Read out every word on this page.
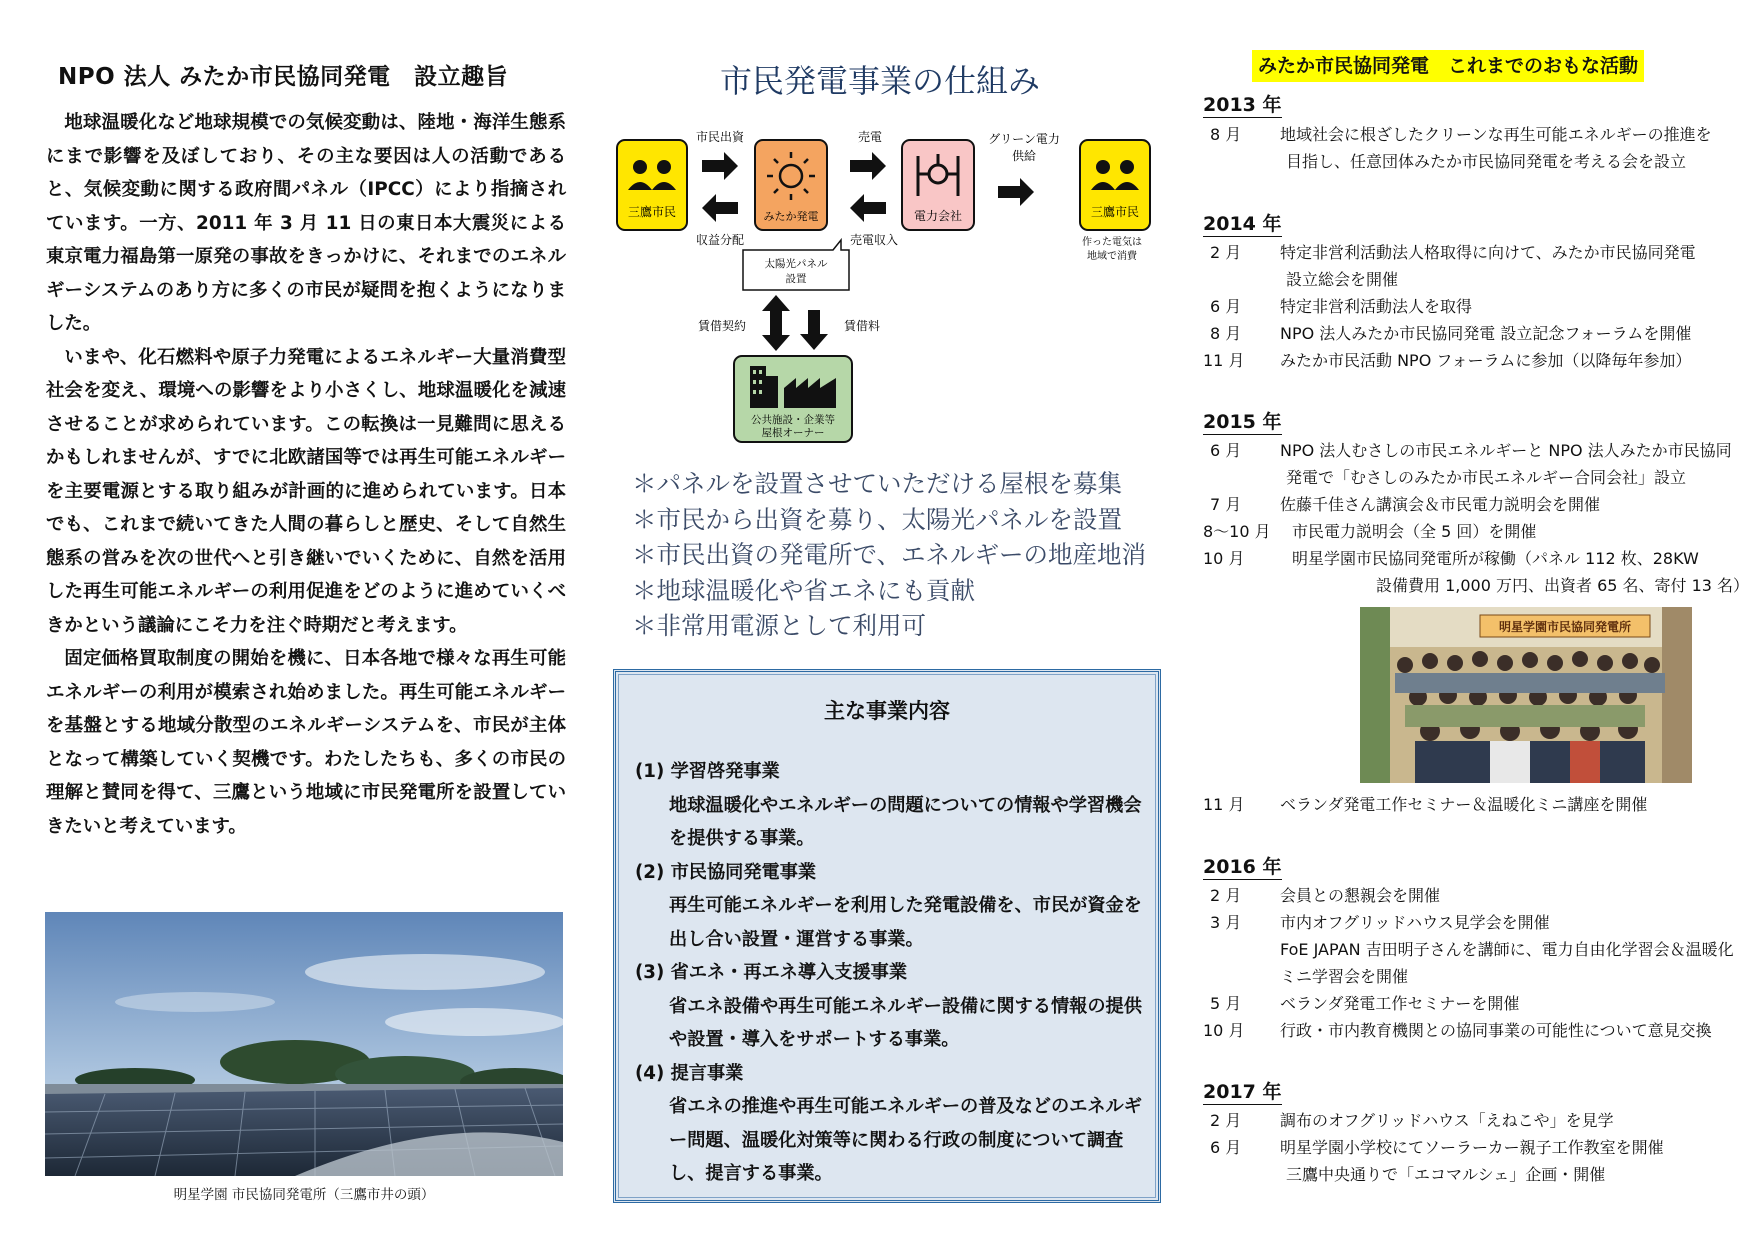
NPO 法人 みたか市民協同発電　設立趣旨

地球温暖化など地球規模での気候変動は、陸地・海洋生態系にまで影響を及ぼしており、その主な要因は人の活動であると、気候変動に関する政府間パネル（IPCC）により指摘されています。一方、2011 年 3 月 11 日の東日本大震災による東京電力福島第一原発の事故をきっかけに、それまでのエネルギーシステムのあり方に多くの市民が疑問を抱くようになりました。

いまや、化石燃料や原子力発電によるエネルギー大量消費型社会を変え、環境への影響をより小さくし、地球温暖化を減速させることが求められています。この転換は一見難問に思えるかもしれませんが、すでに北欧諸国等では再生可能エネルギーを主要電源とする取り組みが計画的に進められています。日本でも、これまで続いてきた人間の暮らしと歴史、そして自然生態系の営みを次の世代へと引き継いでいくために、自然を活用した再生可能エネルギーの利用促進をどのように進めていくべきかという議論にこそ力を注ぐ時期だと考えます。

固定価格買取制度の開始を機に、日本各地で様々な再生可能エネルギーの利用が模索され始めました。再生可能エネルギーを基盤とする地域分散型のエネルギーシステムを、市民が主体となって構築していく契機です。わたしたちも、多くの市民の理解と賛同を得て、三鷹という地域に市民発電所を設置していきたいと考えています。

明星学園 市民協同発電所（三鷹市井の頭）
市民発電事業の仕組み
三鷹市民
市民出資
収益分配
みたか発電
売電
売電収入
電力会社
グリーン電力
供給
三鷹市民
作った電気は
地域で消費
太陽光パネル
設置
賃借契約	賃借料
公共施設・企業等
屋根オーナー
＊パネルを設置させていただける屋根を募集
＊市民から出資を募り、太陽光パネルを設置
＊市民出資の発電所で、エネルギーの地産地消
＊地球温暖化や省エネにも貢献
＊非常用電源として利用可
主な事業内容
(1) 学習啓発事業
地球温暖化やエネルギーの問題についての情報や学習機会を提供する事業。
(2) 市民協同発電事業
再生可能エネルギーを利用した発電設備を、市民が資金を出し合い設置・運営する事業。
(3) 省エネ・再エネ導入支援事業
省エネ設備や再生可能エネルギー設備に関する情報の提供や設置・導入をサポートする事業。
(4) 提言事業
省エネの推進や再生可能エネルギーの普及などのエネルギー問題、温暖化対策等に関わる行政の制度について調査し、提言する事業。
みたか市民協同発電　これまでのおもな活動
2013 年
8 月 地域社会に根ざしたクリーンな再生可能エネルギーの推進を
目指し、任意団体みたか市民協同発電を考える会を設立
2014 年
2 月 特定非営利活動法人格取得に向けて、みたか市民協同発電
設立総会を開催
6 月 特定非営利活動法人を取得
8 月 NPO 法人みたか市民協同発電 設立記念フォーラムを開催
11 月 みたか市民活動 NPO フォーラムに参加（以降毎年参加）
2015 年
6 月 NPO 法人むさしの市民エネルギーと NPO 法人みたか市民協同
発電で「むさしのみたか市民エネルギー合同会社」設立
7 月 佐藤千佳さん講演会＆市民電力説明会を開催
8〜10 月 市民電力説明会（全 5 回）を開催
10 月	明星学園市民協同発電所が稼働（パネル 112 枚、28KW
設備費用 1,000 万円、出資者 65 名、寄付 13 名）
明星学園市民協同発電所
11 月 ベランダ発電工作セミナー＆温暖化ミニ講座を開催
2016 年
2 月 会員との懇親会を開催
3 月 市内オフグリッドハウス見学会を開催
FoE JAPAN 吉田明子さんを講師に、電力自由化学習会＆温暖化
ミニ学習会を開催
5 月 ベランダ発電工作セミナーを開催
10 月 行政・市内教育機関との協同事業の可能性について意見交換
2017 年
2 月 調布のオフグリッドハウス「えねこや」を見学
6 月 明星学園小学校にてソーラーカー親子工作教室を開催
三鷹中央通りで「エコマルシェ」企画・開催
